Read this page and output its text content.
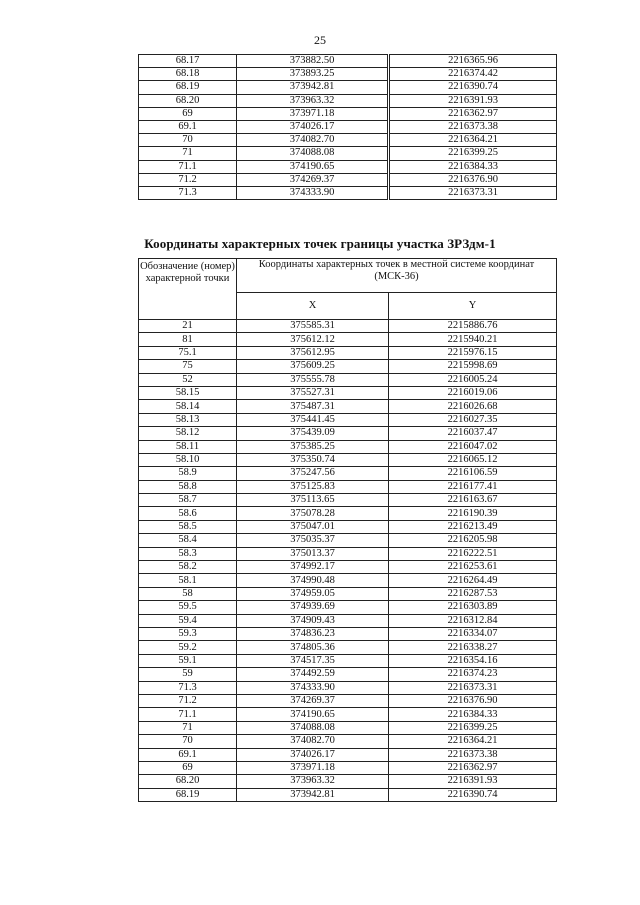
25
68.17	373882.50	2216365.96
68.18	373893.25	2216374.42
68.19	373942.81	2216390.74
68.20	373963.32	2216391.93
69	373971.18	2216362.97
69.1	374026.17	2216373.38
70	374082.70	2216364.21
71	374088.08	2216399.25
71.1	374190.65	2216384.33
71.2	374269.37	2216376.90
71.3	374333.90	2216373.31
Координаты характерных точек границы участка ЗРЗдм-1
Обозначение (номер) характерной точки	Координаты характерных точек в местной системе координат (МСК-36)	
	X	Y
21	375585.31	2215886.76
81	375612.12	2215940.21
75.1	375612.95	2215976.15
75	375609.25	2215998.69
52	375555.78	2216005.24
58.15	375527.31	2216019.06
58.14	375487.31	2216026.68
58.13	375441.45	2216027.35
58.12	375439.09	2216037.47
58.11	375385.25	2216047.02
58.10	375350.74	2216065.12
58.9	375247.56	2216106.59
58.8	375125.83	2216177.41
58.7	375113.65	2216163.67
58.6	375078.28	2216190.39
58.5	375047.01	2216213.49
58.4	375035.37	2216205.98
58.3	375013.37	2216222.51
58.2	374992.17	2216253.61
58.1	374990.48	2216264.49
58	374959.05	2216287.53
59.5	374939.69	2216303.89
59.4	374909.43	2216312.84
59.3	374836.23	2216334.07
59.2	374805.36	2216338.27
59.1	374517.35	2216354.16
59	374492.59	2216374.23
71.3	374333.90	2216373.31
71.2	374269.37	2216376.90
71.1	374190.65	2216384.33
71	374088.08	2216399.25
70	374082.70	2216364.21
69.1	374026.17	2216373.38
69	373971.18	2216362.97
68.20	373963.32	2216391.93
68.19	373942.81	2216390.74
